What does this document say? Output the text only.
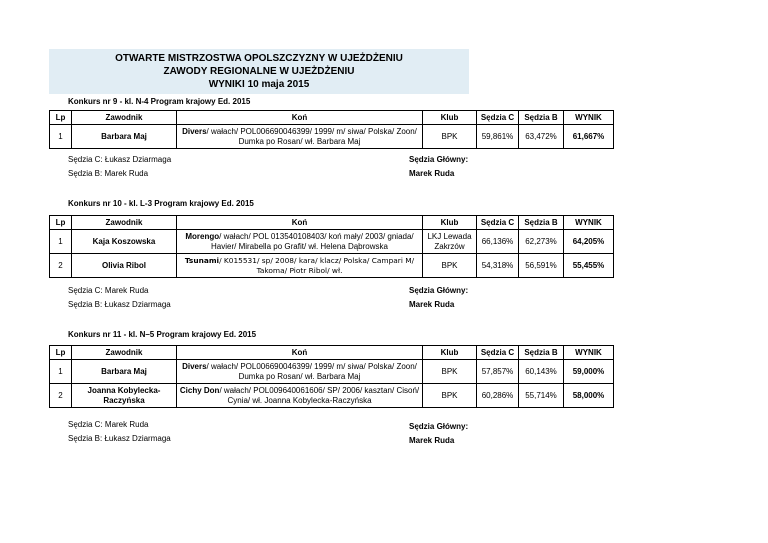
OTWARTE MISTRZOSTWA OPOLSZCZYZNY W UJEŻDŻENIU
ZAWODY REGIONALNE W UJEŻDŻENIU
WYNIKI 10 maja 2015
Konkurs nr 9 - kl. N-4 Program krajowy Ed. 2015
Lp	Zawodnik	Koń	Klub	Sędzia C	Sędzia B	WYNIK
1	Barbara Maj	Divers/ wałach/ POL006690046399/ 1999/ m/ siwa/ Polska/ Zoon/ Dumka po Rosan/ wł. Barbara Maj	BPK	59,861%	63,472%	61,667%
Sędzia C: Łukasz Dziarmaga
Sędzia B: Marek Ruda
Sędzia Główny:
Marek Ruda
Konkurs nr 10 - kl. L-3 Program krajowy Ed. 2015
Lp	Zawodnik	Koń	Klub	Sędzia C	Sędzia B	WYNIK
1	Kaja Koszowska	Morengo/ wałach/ POL 013540108403/ koń mały/ 2003/ gniada/ Havier/ Mirabella po Grafit/ wł. Helena Dąbrowska	LKJ Lewada Zakrzów	66,136%	62,273%	64,205%
2	Olivia Ribol	Tsunami/ K015531/ sp/ 2008/ kara/ klacz/ Polska/ Campari M/ Takoma/ Piotr Ribol/ wł.	BPK	54,318%	56,591%	55,455%
Sędzia C: Marek Ruda
Sędzia B: Łukasz Dziarmaga
Sędzia Główny:
Marek Ruda
Konkurs nr 11 - kl. N–5 Program krajowy Ed. 2015
Lp	Zawodnik	Koń	Klub	Sędzia C	Sędzia B	WYNIK
1	Barbara Maj	Divers/ wałach/ POL006690046399/ 1999/ m/ siwa/ Polska/ Zoon/ Dumka po Rosan/ wł. Barbara Maj	BPK	57,857%	60,143%	59,000%
2	Joanna Kobylecka-Raczyńska	Cichy Don/ wałach/ POL009640061606/ SP/ 2006/ kasztan/ Cisoń/ Cynia/ wł. Joanna Kobylecka-Raczyńska	BPK	60,286%	55,714%	58,000%
Sędzia C: Marek Ruda
Sędzia B: Łukasz Dziarmaga
Sędzia Główny:
Marek Ruda
